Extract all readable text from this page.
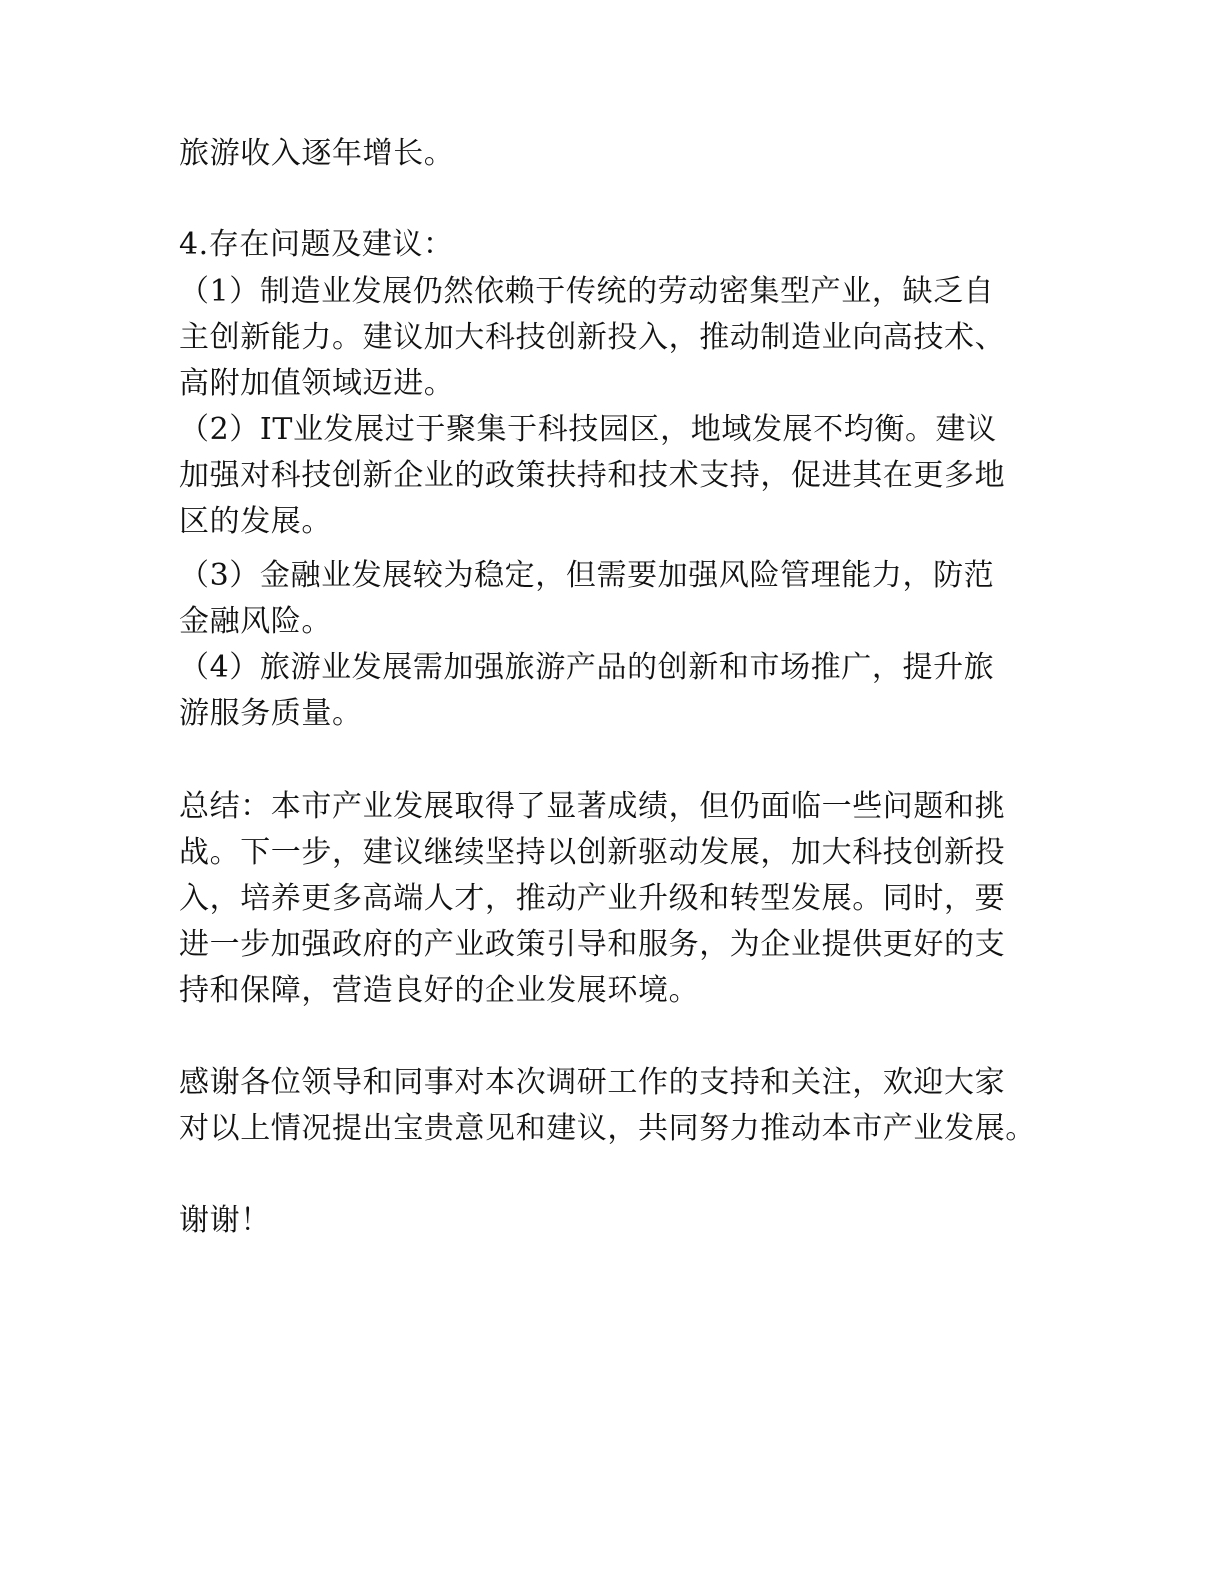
旅游收入逐年增长。
4.存在问题及建议：
（1）制造业发展仍然依赖于传统的劳动密集型产业，缺乏自
主创新能力。建议加大科技创新投入，推动制造业向高技术、
高附加值领域迈进。
（2）IT业发展过于聚集于科技园区，地域发展不均衡。建议
加强对科技创新企业的政策扶持和技术支持，促进其在更多地
区的发展。
（3）金融业发展较为稳定，但需要加强风险管理能力，防范
金融风险。
（4）旅游业发展需加强旅游产品的创新和市场推广，提升旅
游服务质量。
总结：本市产业发展取得了显著成绩，但仍面临一些问题和挑
战。下一步，建议继续坚持以创新驱动发展，加大科技创新投
入，培养更多高端人才，推动产业升级和转型发展。同时，要
进一步加强政府的产业政策引导和服务，为企业提供更好的支
持和保障，营造良好的企业发展环境。
感谢各位领导和同事对本次调研工作的支持和关注，欢迎大家
对以上情况提出宝贵意见和建议，共同努力推动本市产业发展。
谢谢！
